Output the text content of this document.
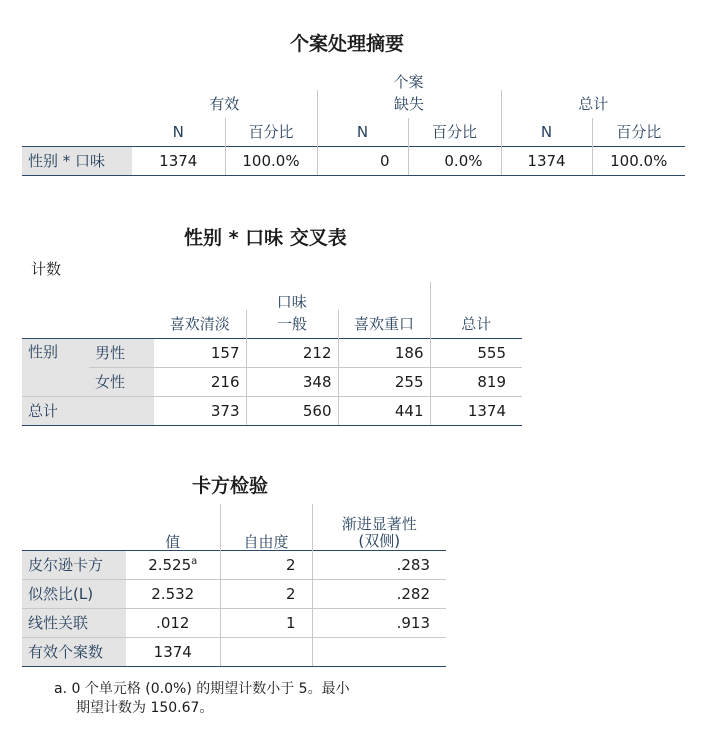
个案处理摘要
	个案					
	有效		缺失		总计	
	N	百分比	N	百分比	N	百分比
性别 * 口味	1374	100.0%	0	0.0%	1374	100.0%
性别 * 口味 交叉表
计数
		口味			
		喜欢清淡	一般	喜欢重口	总计
性别	男性	157	212	186	555
	女性	216	348	255	819
总计		373	560	441	1374
卡方检验
	值	自由度	渐进显著性
(双侧)

皮尔逊卡方	2.525$^a$	2	.283
似然比(L)	2.532	2	.282
线性关联	.012	1	.913
有效个案数	1374		
a. 0 个单元格 (0.0%) 的期望计数小于 5。最小
期望计数为 150.67。
